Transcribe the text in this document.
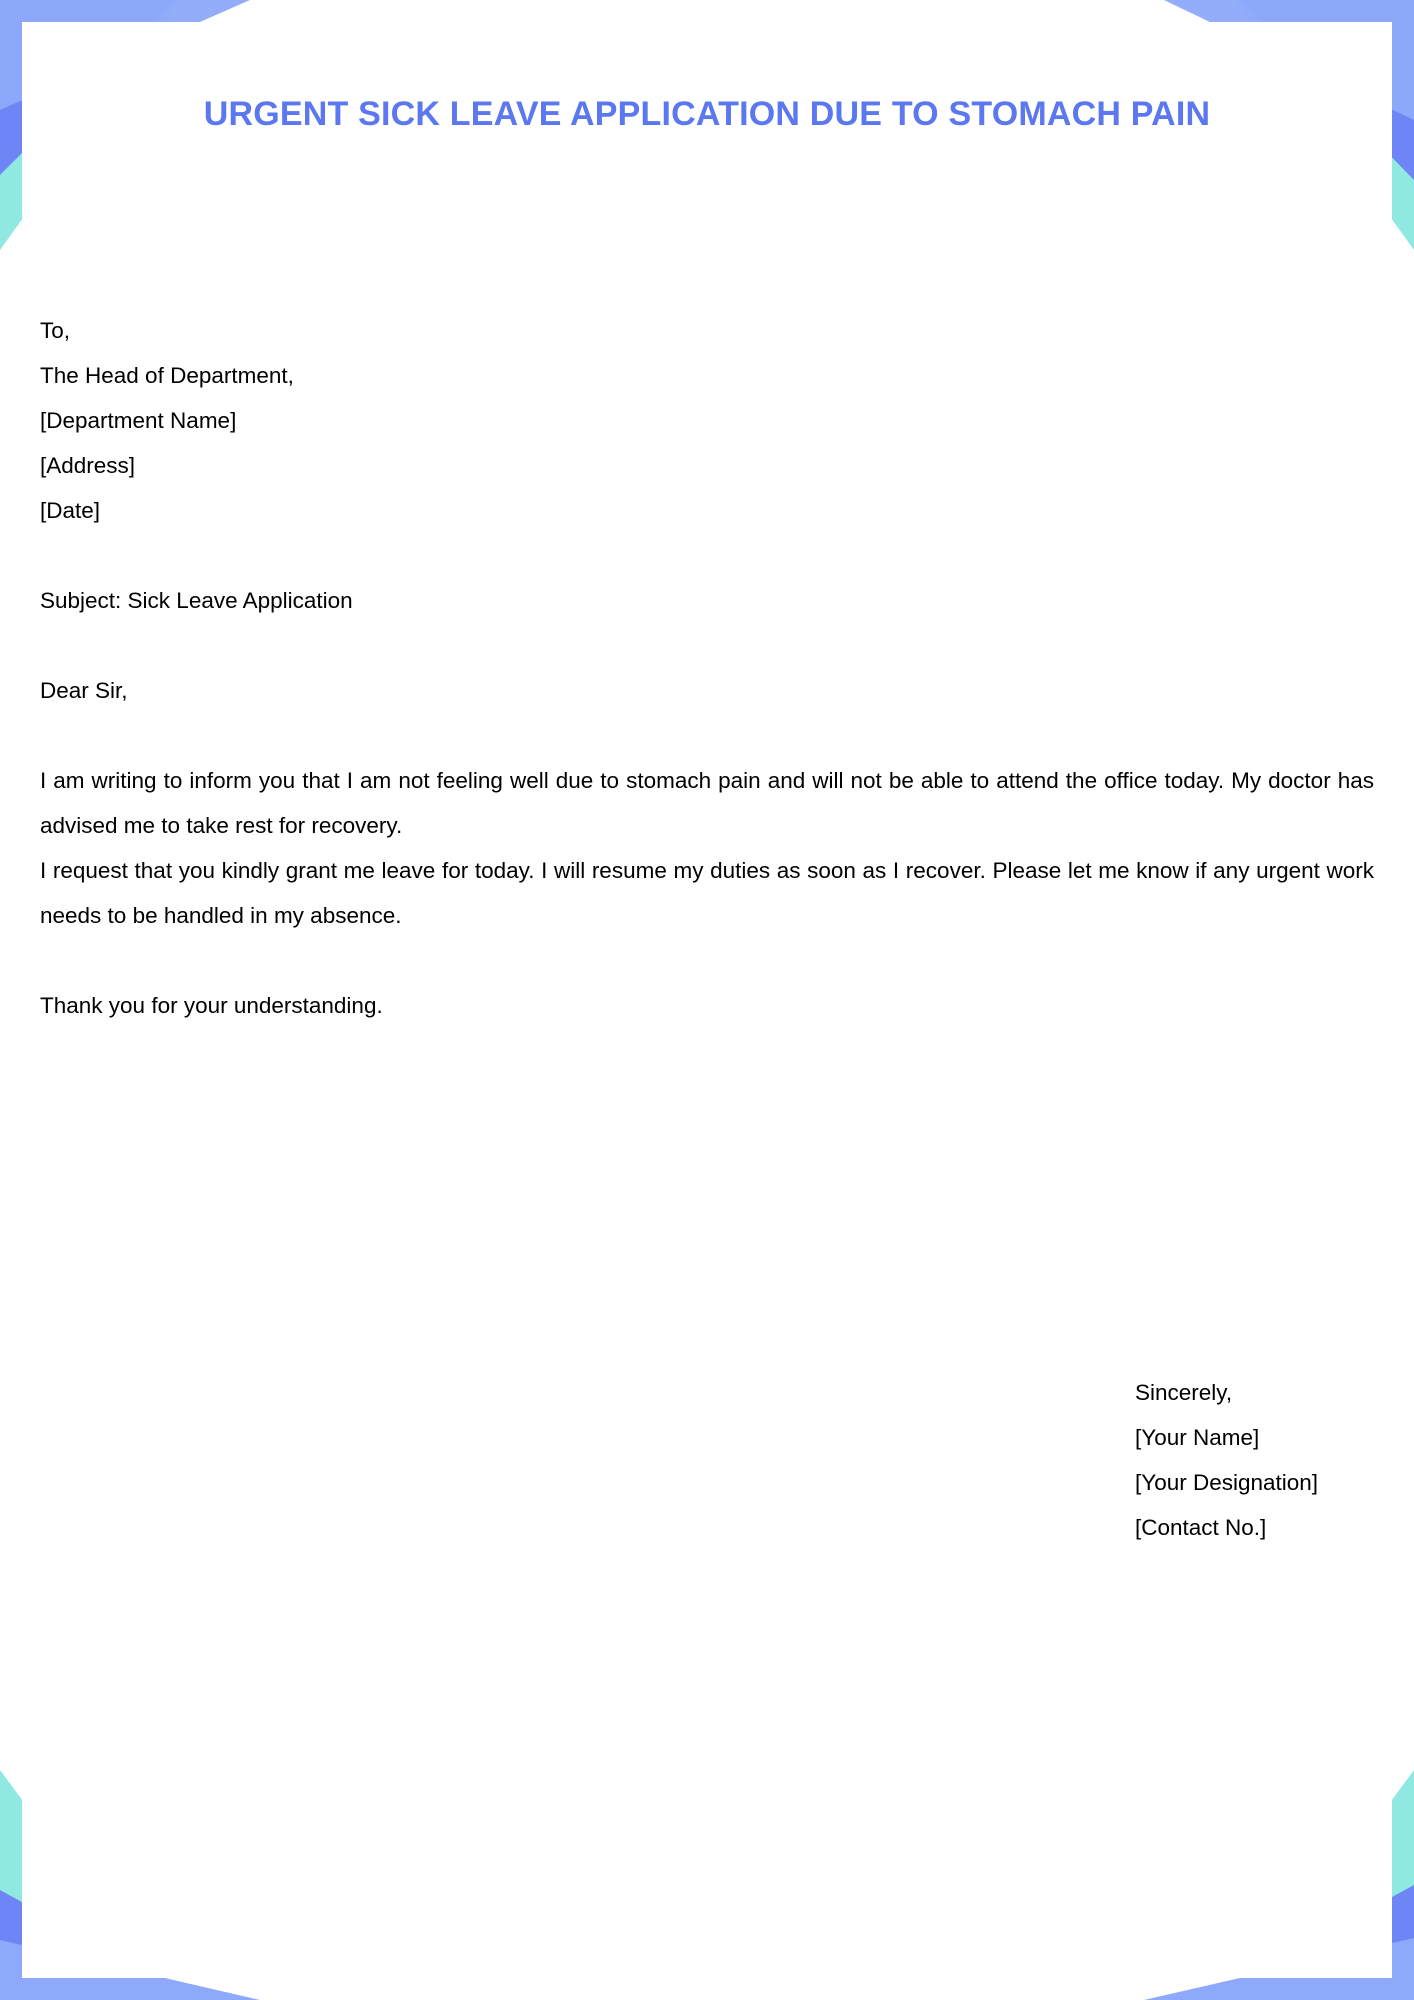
URGENT SICK LEAVE APPLICATION DUE TO STOMACH PAIN
To,
The Head of Department,
[Department Name]
[Address]
[Date]
Subject: Sick Leave Application
Dear Sir,
I am writing to inform you that I am not feeling well due to stomach pain and will not be able to attend the office today. My doctor has advised me to take rest for recovery.
I request that you kindly grant me leave for today. I will resume my duties as soon as I recover. Please let me know if any urgent work needs to be handled in my absence.
Thank you for your understanding.
Sincerely,
[Your Name]
[Your Designation]
[Contact No.]
